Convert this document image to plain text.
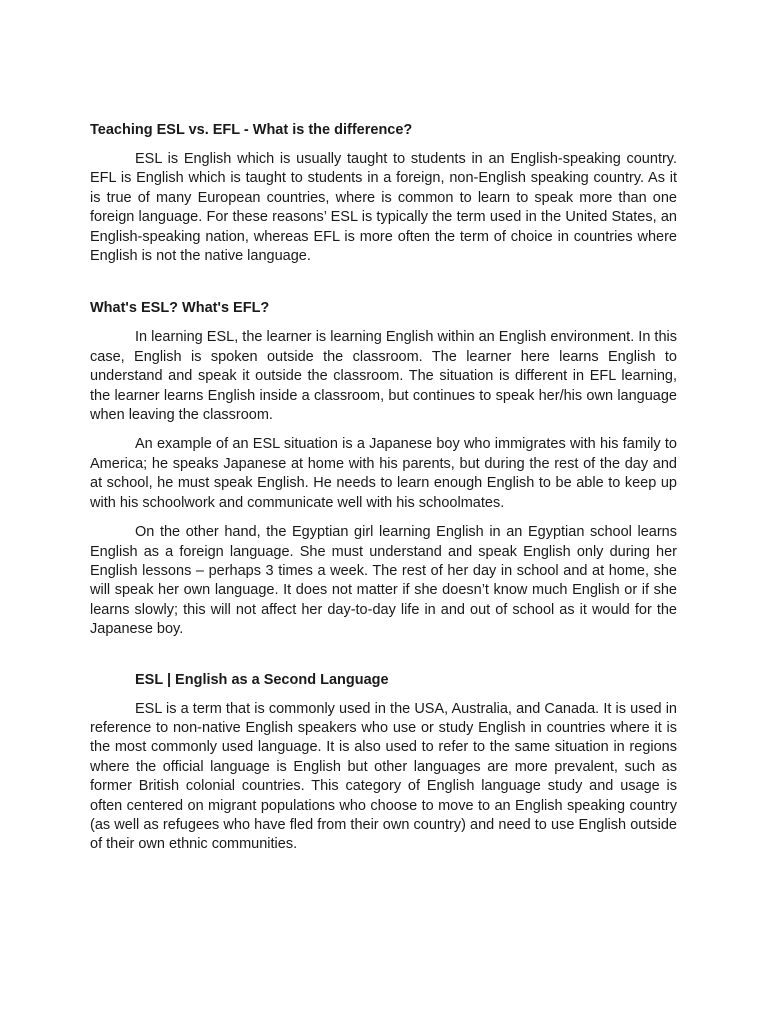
Teaching ESL vs. EFL - What is the difference?

ESL is English which is usually taught to students in an English-speaking country. EFL is English which is taught to students in a foreign, non-English speaking country. As it is true of many European countries, where is common to learn to speak more than one foreign language. For these reasons’ ESL is typically the term used in the United States, an English-speaking nation, whereas EFL is more often the term of choice in countries where English is not the native language.

What's ESL? What's EFL?

In learning ESL, the learner is learning English within an English environment. In this case, English is spoken outside the classroom. The learner here learns English to understand and speak it outside the classroom. The situation is different in EFL learning, the learner learns English inside a classroom, but continues to speak her/his own language when leaving the classroom.

An example of an ESL situation is a Japanese boy who immigrates with his family to America; he speaks Japanese at home with his parents, but during the rest of the day and at school, he must speak English. He needs to learn enough English to be able to keep up with his schoolwork and communicate well with his schoolmates.

On the other hand, the Egyptian girl learning English in an Egyptian school learns English as a foreign language. She must understand and speak English only during her English lessons – perhaps 3 times a week. The rest of her day in school and at home, she will speak her own language. It does not matter if she doesn’t know much English or if she learns slowly; this will not affect her day-to-day life in and out of school as it would for the Japanese boy.

ESL | English as a Second Language

ESL is a term that is commonly used in the USA, Australia, and Canada. It is used in reference to non-native English speakers who use or study English in countries where it is the most commonly used language. It is also used to refer to the same situation in regions where the official language is English but other languages are more prevalent, such as former British colonial countries. This category of English language study and usage is often centered on migrant populations who choose to move to an English speaking country (as well as refugees who have fled from their own country) and need to use English outside of their own ethnic communities.
